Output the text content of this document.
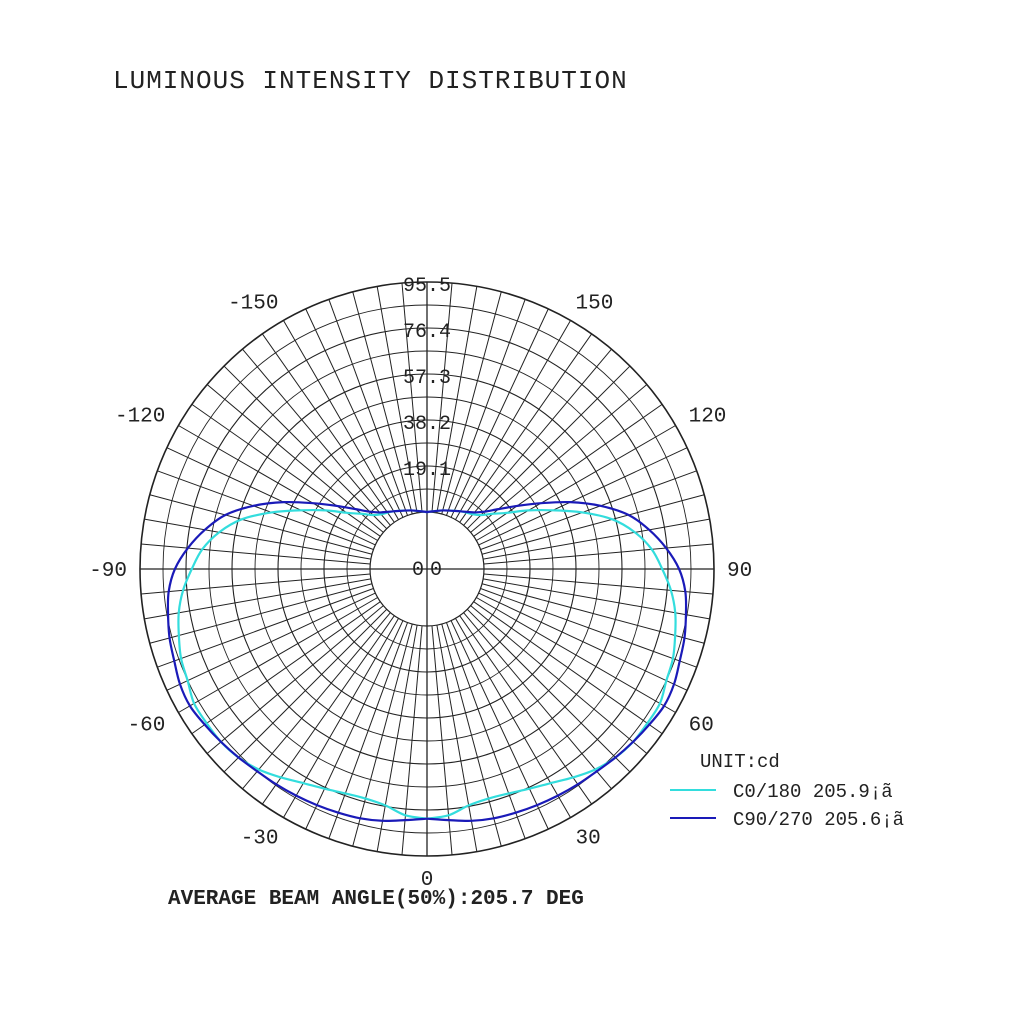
LUMINOUS INTENSITY DISTRIBUTION
0 0
19.1
38.2
57.3
76.4
95.5
0
30
-30
60
-60
90
-90
120
-120
150
-150
UNIT:cd
C0/180 205.9¡ã
C90/270 205.6¡ã
AVERAGE BEAM ANGLE(50%):205.7 DEG
